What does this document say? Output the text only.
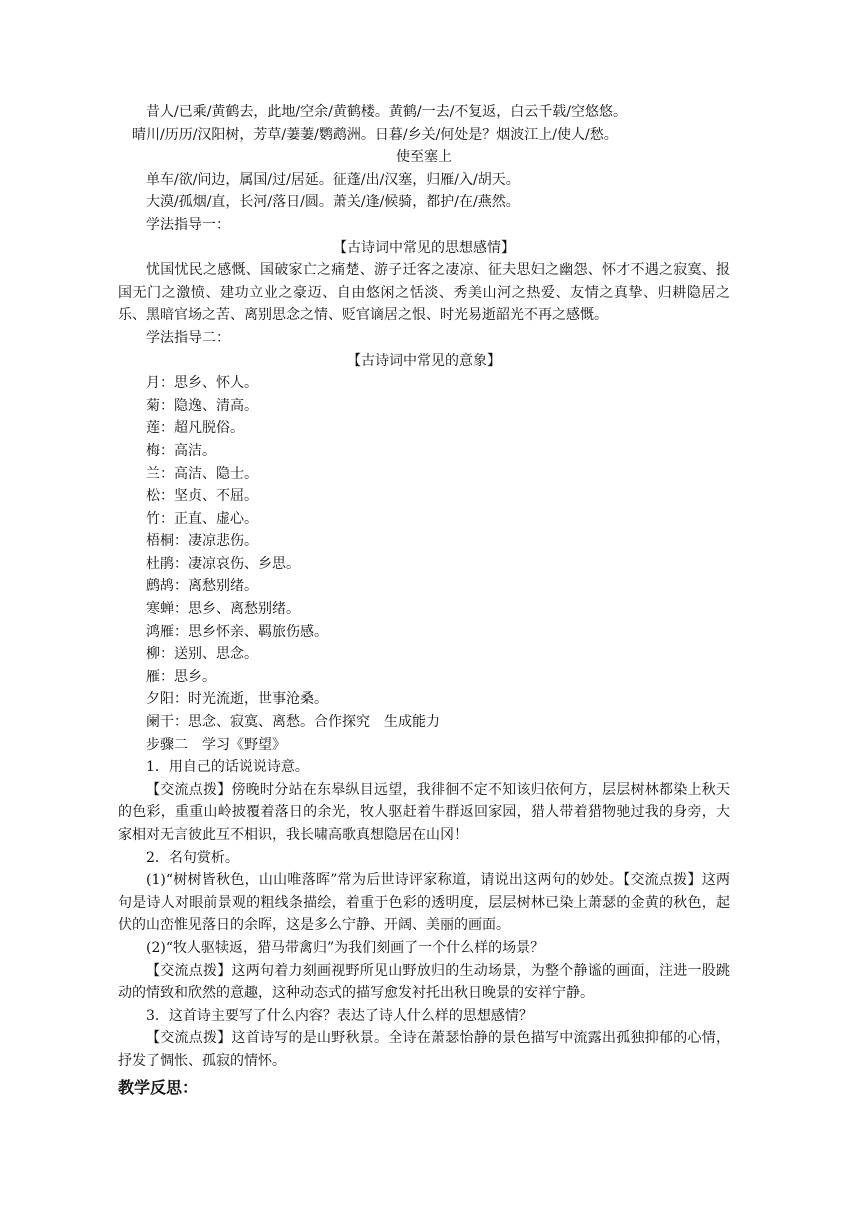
昔人/已乘/黄鹤去，此地/空余/黄鹤楼。黄鹤/一去/不复返，白云千载/空悠悠。
晴川/历历/汉阳树，芳草/萋萋/鹦鹉洲。日暮/乡关/何处是？烟波江上/使人/愁。
使至塞上
单车/欲/问边，属国/过/居延。征蓬/出/汉塞，归雁/入/胡天。
大漠/孤烟/直，长河/落日/圆。萧关/逢/候骑，都护/在/燕然。
学法指导一：
【古诗词中常见的思想感情】
忧国忧民之感慨、国破家亡之痛楚、游子迁客之凄凉、征夫思妇之幽怨、怀才不遇之寂寞、报国无门之激愤、建功立业之豪迈、自由悠闲之恬淡、秀美山河之热爱、友情之真挚、归耕隐居之乐、黑暗官场之苦、离别思念之情、贬官谪居之恨、时光易逝韶光不再之感慨。
学法指导二：
【古诗词中常见的意象】
月：思乡、怀人。
菊：隐逸、清高。
莲：超凡脱俗。
梅：高洁。
兰：高洁、隐士。
松：坚贞、不屈。
竹：正直、虚心。
梧桐：凄凉悲伤。
杜鹃：凄凉哀伤、乡思。
鹧鸪：离愁别绪。
寒蝉：思乡、离愁别绪。
鸿雁：思乡怀亲、羁旅伤感。
柳：送别、思念。
雁：思乡。
夕阳：时光流逝，世事沧桑。
阑干：思念、寂寞、离愁。合作探究　生成能力
步骤二　学习《野望》
1．用自己的话说说诗意。
【交流点拨】傍晚时分站在东皋纵目远望，我徘徊不定不知该归依何方，层层树林都染上秋天的色彩，重重山岭披覆着落日的余光，牧人驱赶着牛群返回家园，猎人带着猎物驰过我的身旁，大家相对无言彼此互不相识，我长啸高歌真想隐居在山冈！
2．名句赏析。
(1)“树树皆秋色，山山唯落晖”常为后世诗评家称道，请说出这两句的妙处。【交流点拨】这两句是诗人对眼前景观的粗线条描绘，着重于色彩的透明度，层层树林已染上萧瑟的金黄的秋色，起伏的山峦惟见落日的余晖，这是多么宁静、开阔、美丽的画面。
(2)“牧人驱犊返，猎马带禽归”为我们刻画了一个什么样的场景？
【交流点拨】这两句着力刻画视野所见山野放归的生动场景，为整个静谧的画面，注进一股跳动的情致和欣然的意趣，这种动态式的描写愈发衬托出秋日晚景的安祥宁静。
3．这首诗主要写了什么内容？表达了诗人什么样的思想感情？
【交流点拨】这首诗写的是山野秋景。全诗在萧瑟怡静的景色描写中流露出孤独抑郁的心情，抒发了惆怅、孤寂的情怀。
教学反思：
